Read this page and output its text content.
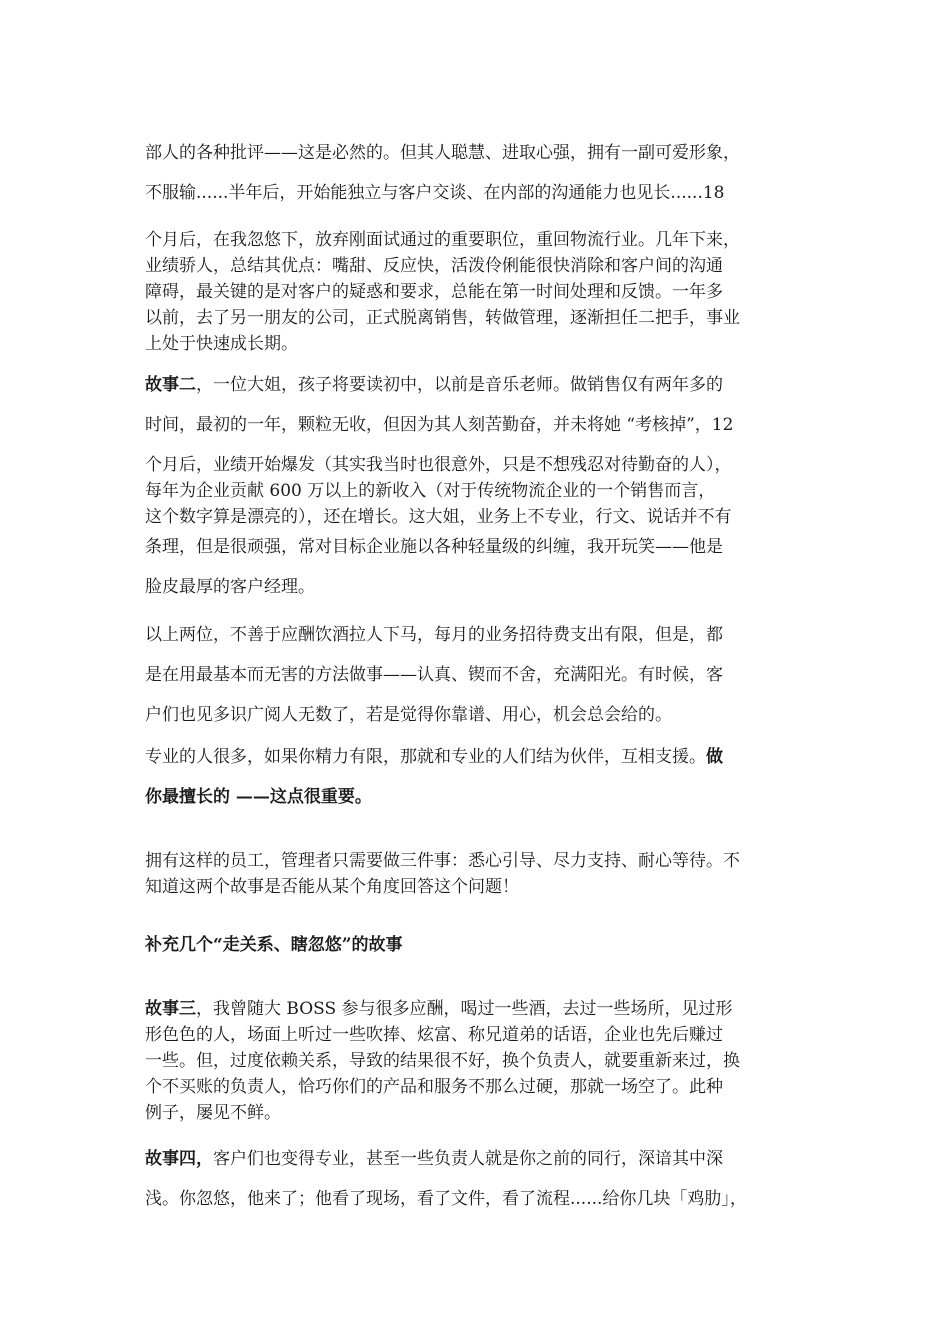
部人的各种批评——这是必然的。但其人聪慧、进取心强，拥有一副可爱形象，
不服输......半年后，开始能独立与客户交谈、在内部的沟通能力也见长......18

个月后，在我忽悠下，放弃刚面试通过的重要职位，重回物流行业。几年下来，
业绩骄人，总结其优点：嘴甜、反应快，活泼伶俐能很快消除和客户间的沟通
障碍，最关键的是对客户的疑惑和要求，总能在第一时间处理和反馈。一年多
以前，去了另一朋友的公司，正式脱离销售，转做管理，逐渐担任二把手，事业
上处于快速成长期。

故事二，一位大姐，孩子将要读初中，以前是音乐老师。做销售仅有两年多的
时间，最初的一年，颗粒无收，但因为其人刻苦勤奋，并未将她 “考核掉”，12

个月后，业绩开始爆发（其实我当时也很意外，只是不想残忍对待勤奋的人），
每年为企业贡献 600 万以上的新收入（对于传统物流企业的一个销售而言，
这个数字算是漂亮的），还在增长。这大姐，业务上不专业，行文、说话并不有

条理，但是很顽强，常对目标企业施以各种轻量级的纠缠，我开玩笑——他是
脸皮最厚的客户经理。

以上两位，不善于应酬饮酒拉人下马，每月的业务招待费支出有限，但是，都
是在用最基本而无害的方法做事——认真、锲而不舍，充满阳光。有时候，客
户们也见多识广阅人无数了，若是觉得你靠谱、用心，机会总会给的。

专业的人很多，如果你精力有限，那就和专业的人们结为伙伴，互相支援。做
你最擅长的 ——这点很重要。

拥有这样的员工，管理者只需要做三件事：悉心引导、尽力支持、耐心等待。不
知道这两个故事是否能从某个角度回答这个问题！

补充几个“走关系、瞎忽悠”的故事

故事三，我曾随大 BOSS 参与很多应酬，喝过一些酒，去过一些场所，见过形
形色色的人，场面上听过一些吹捧、炫富、称兄道弟的话语，企业也先后赚过
一些。但，过度依赖关系，导致的结果很不好，换个负责人，就要重新来过，换
个不买账的负责人，恰巧你们的产品和服务不那么过硬，那就一场空了。此种
例子，屡见不鲜。

故事四，客户们也变得专业，甚至一些负责人就是你之前的同行，深谙其中深
浅。你忽悠，他来了；他看了现场，看了文件，看了流程......给你几块「鸡肋」，
